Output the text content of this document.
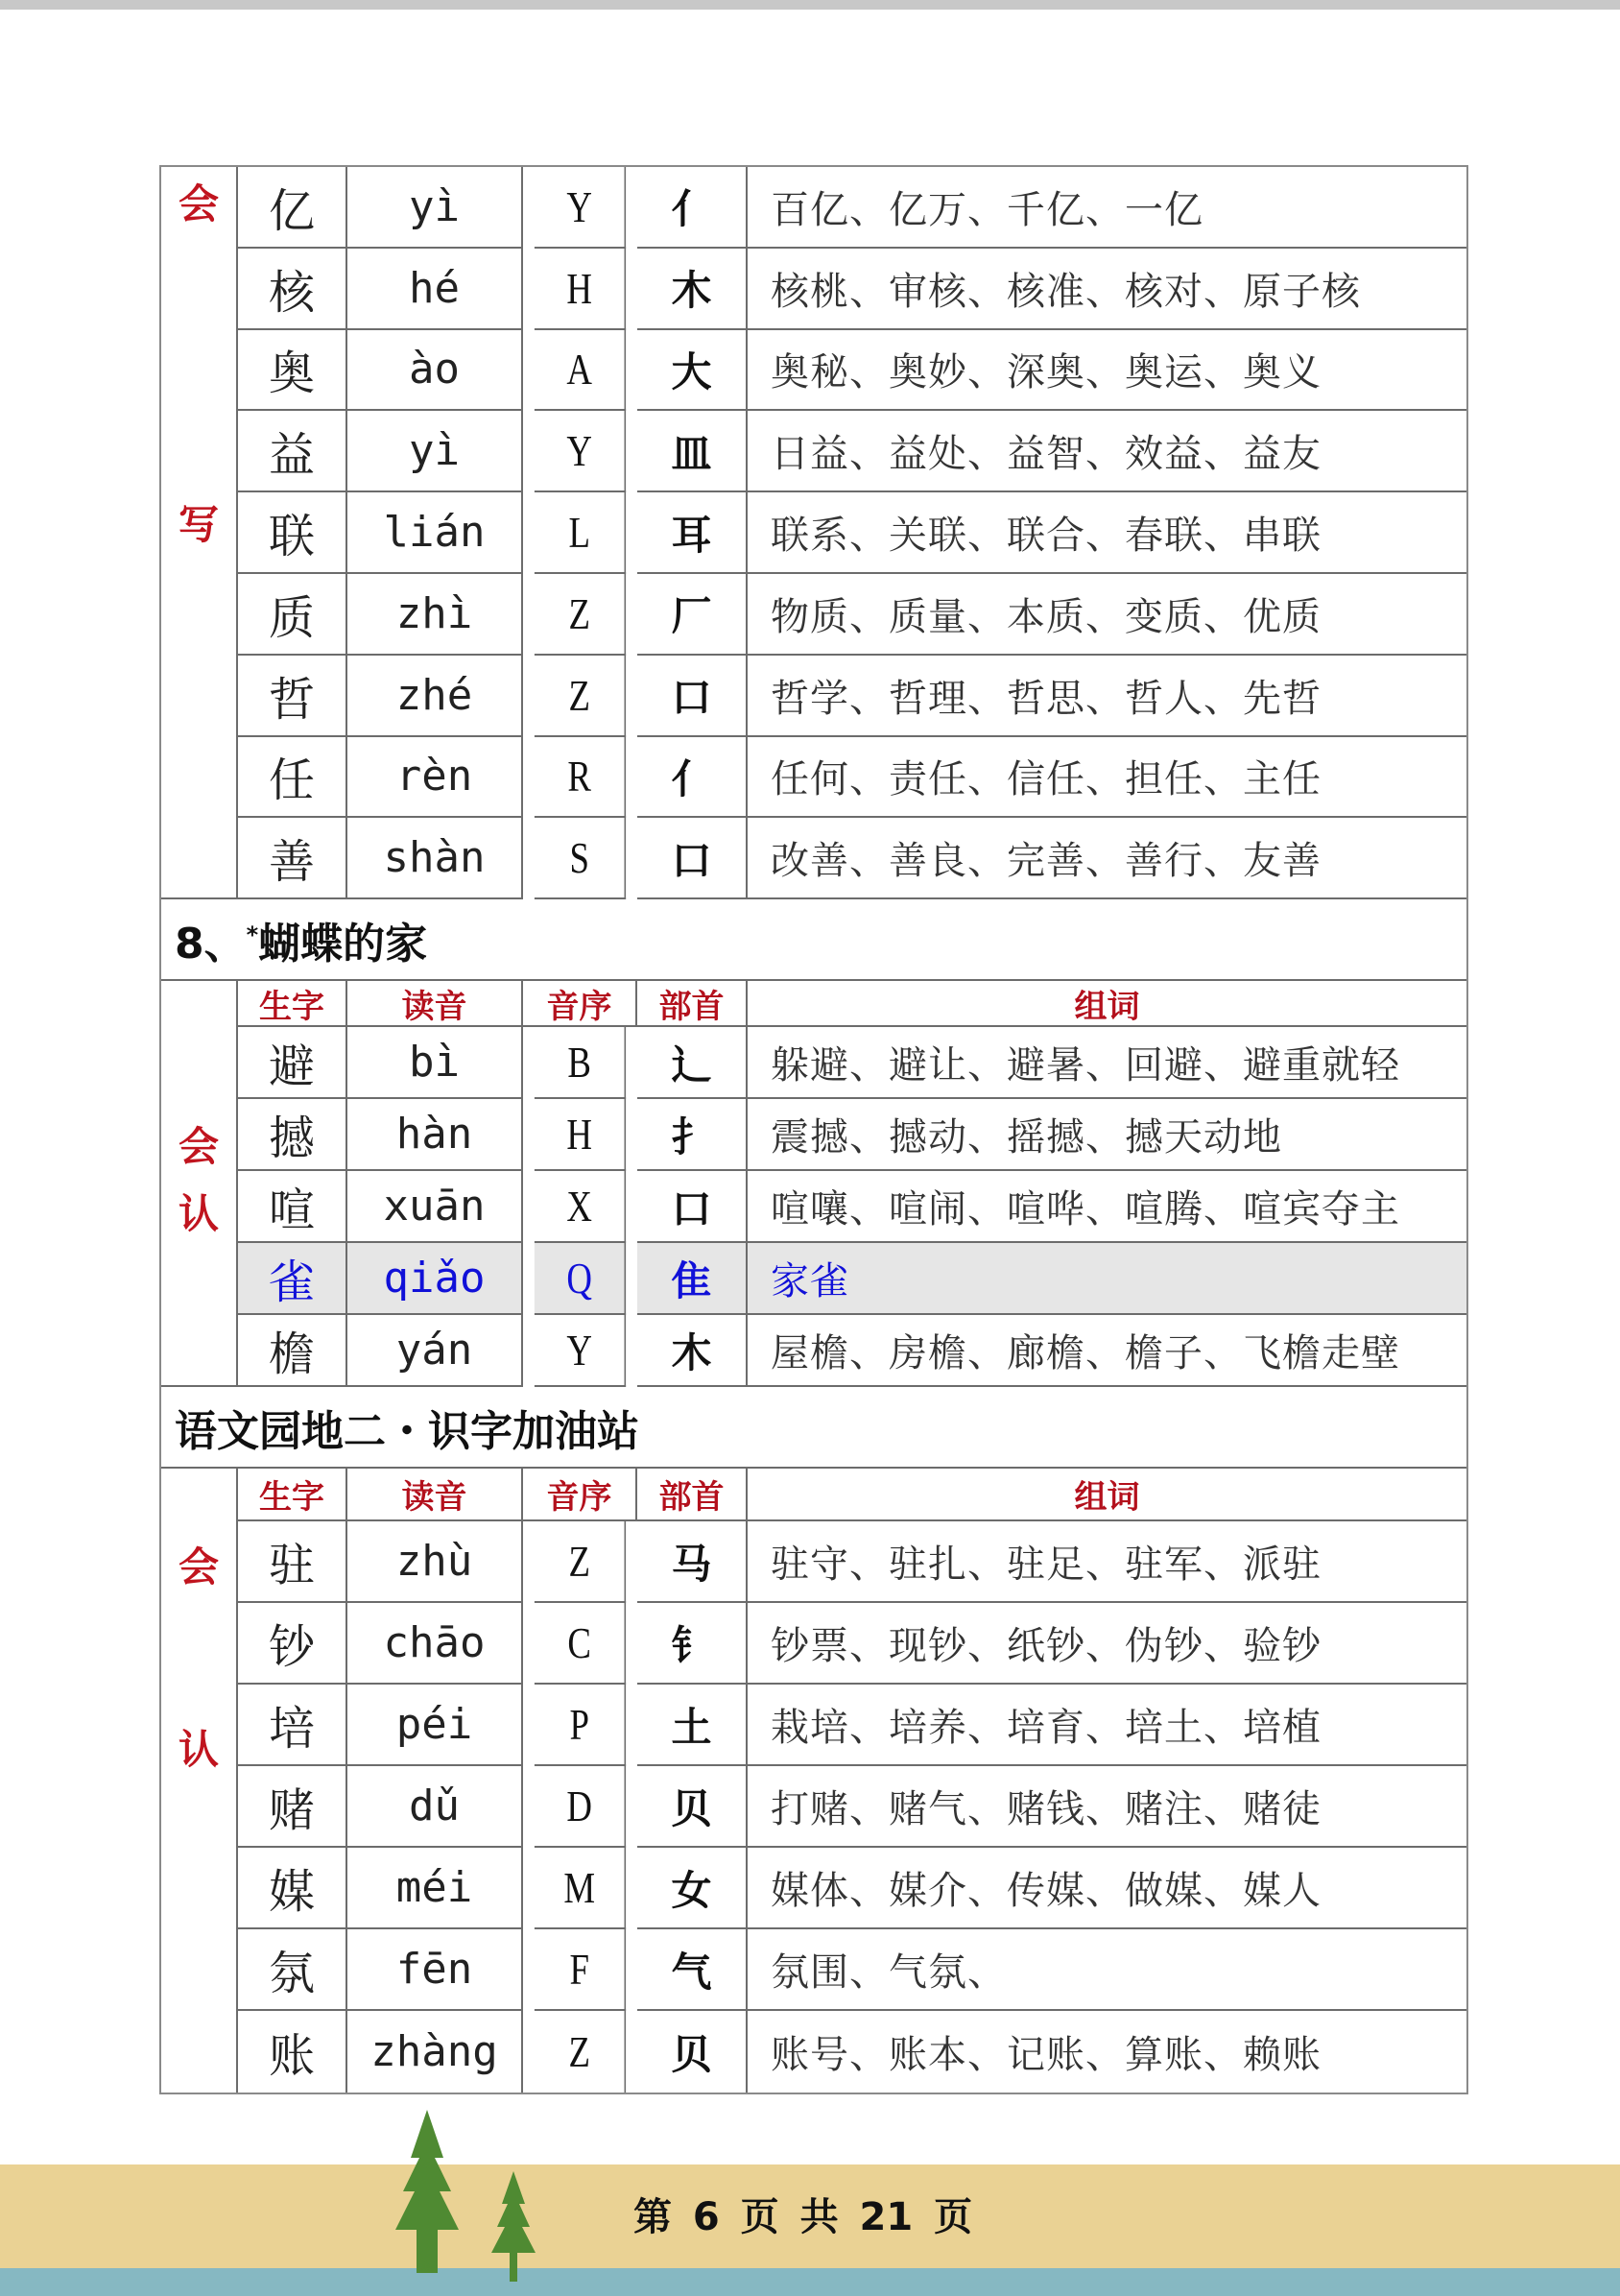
会
写
亿 yì Y 亻 百亿、亿万、千亿、一亿
核 hé H 木 核桃、审核、核准、核对、原子核
奥 ào A 大 奥秘、奥妙、深奥、奥运、奥义
益 yì Y 皿 日益、益处、益智、效益、益友
联 lián L 耳 联系、关联、联合、春联、串联
质 zhì Z 厂 物质、质量、本质、变质、优质
哲 zhé Z 口 哲学、哲理、哲思、哲人、先哲
任 rèn R 亻 任何、责任、信任、担任、主任
善 shàn S 口 改善、善良、完善、善行、友善
8、 * 蝴蝶的家
会
认
生字 读音 音序 部首	组词
避 bì B 辶 躲避、避让、避暑、回避、避重就轻
撼 hàn H 扌 震撼、撼动、摇撼、撼天动地
喧 xuān X 口 喧嚷、喧闹、喧哗、喧腾、喧宾夺主
雀 qiǎo Q 隹 家雀
檐 yán Y 木 屋檐、房檐、廊檐、檐子、飞檐走壁
语文园地二・识字加油站
会
认
生字 读音 音序 部首	组词
驻 zhù Z 马 驻守、驻扎、驻足、驻军、派驻
钞 chāo C 钅 钞票、现钞、纸钞、伪钞、验钞
培 péi P 土 栽培、培养、培育、培土、培植
赌 dǔ D 贝 打赌、赌气、赌钱、赌注、赌徒
媒 méi M 女 媒体、媒介、传媒、做媒、媒人
氛 fēn F 气 氛围、气氛、
账 zhàng Z 贝 账号、账本、记账、算账、赖账
第 6 页 共 21 页
